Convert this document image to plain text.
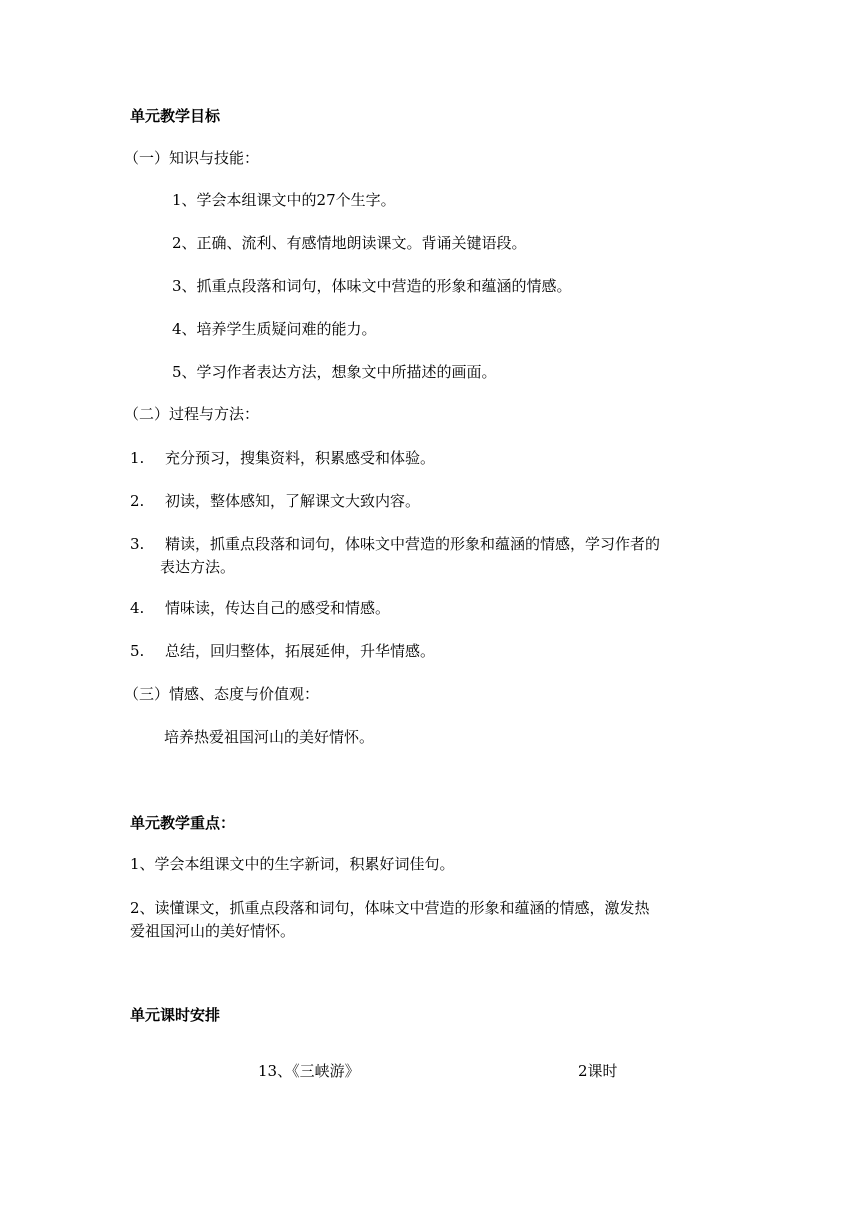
单元教学目标
（一）知识与技能：
1、学会本组课文中的27个生字。
2、正确、流利、有感情地朗读课文。背诵关键语段。
3、抓重点段落和词句，体味文中营造的形象和蕴涵的情感。
4、培养学生质疑问难的能力。
5、学习作者表达方法，想象文中所描述的画面。
（二）过程与方法：
1.	充分预习，搜集资料，积累感受和体验。
2.	初读，整体感知，了解课文大致内容。
3.	精读，抓重点段落和词句，体味文中营造的形象和蕴涵的情感，学习作者的
表达方法。
4.	情味读，传达自己的感受和情感。
5.	总结，回归整体，拓展延伸，升华情感。
（三）情感、态度与价值观：
培养热爱祖国河山的美好情怀。
单元教学重点：
1、学会本组课文中的生字新词，积累好词佳句。
2、读懂课文，抓重点段落和词句，体味文中营造的形象和蕴涵的情感，激发热
爱祖国河山的美好情怀。
单元课时安排
13、《三峡游》	2课时
